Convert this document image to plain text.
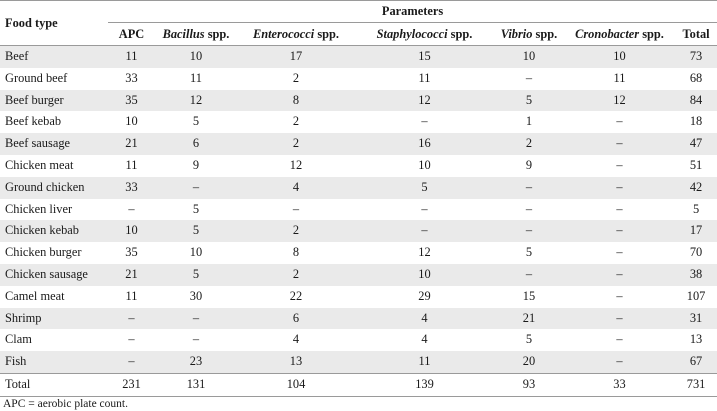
Food type	Parameters						
	APC	Bacillus spp.	Enterococci spp.	Staphylococci spp.	Vibrio spp.	Cronobacter spp.	Total
Beef	11	10	17	15	10	10	73
Ground beef	33	11	2	11	–	11	68
Beef burger	35	12	8	12	5	12	84
Beef kebab	10	5	2	–	1	–	18
Beef sausage	21	6	2	16	2	–	47
Chicken meat	11	9	12	10	9	–	51
Ground chicken	33	–	4	5	–	–	42
Chicken liver	–	5	–	–	–	–	5
Chicken kebab	10	5	2	–	–	–	17
Chicken burger	35	10	8	12	5	–	70
Chicken sausage	21	5	2	10	–	–	38
Camel meat	11	30	22	29	15	–	107
Shrimp	–	–	6	4	21	–	31
Clam	–	–	4	4	5	–	13
Fish	–	23	13	11	20	–	67
Total	231	131	104	139	93	33	731
APC = aerobic plate count.
